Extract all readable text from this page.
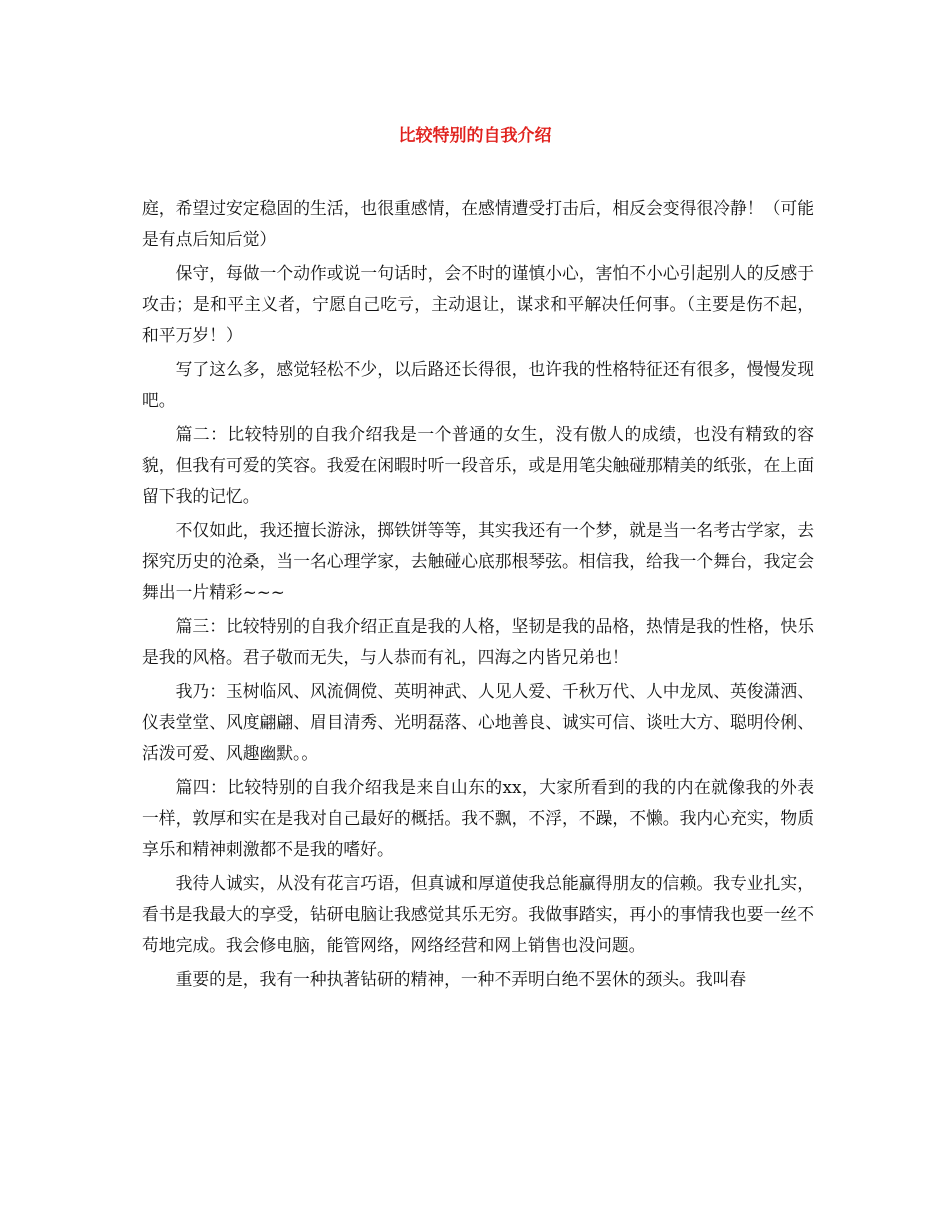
比较特别的自我介绍

庭，希望过安定稳固的生活，也很重感情，在感情遭受打击后，相反会变得很冷静！（可能是有点后知后觉）

保守，每做一个动作或说一句话时，会不时的谨慎小心，害怕不小心引起别人的反感于攻击；是和平主义者，宁愿自己吃亏，主动退让，谋求和平解决任何事。（主要是伤不起，和平万岁！）

写了这么多，感觉轻松不少，以后路还长得很，也许我的性格特征还有很多，慢慢发现吧。

篇二：比较特别的自我介绍我是一个普通的女生，没有傲人的成绩，也没有精致的容貌，但我有可爱的笑容。我爱在闲暇时听一段音乐，或是用笔尖触碰那精美的纸张，在上面留下我的记忆。

不仅如此，我还擅长游泳，掷铁饼等等，其实我还有一个梦，就是当一名考古学家，去探究历史的沧桑，当一名心理学家，去触碰心底那根琴弦。相信我，给我一个舞台，我定会舞出一片精彩~~~

篇三：比较特别的自我介绍正直是我的人格，坚韧是我的品格，热情是我的性格，快乐是我的风格。君子敬而无失，与人恭而有礼，四海之内皆兄弟也！

我乃：玉树临风、风流倜傥、英明神武、人见人爱、千秋万代、人中龙凤、英俊潇洒、仪表堂堂、风度翩翩、眉目清秀、光明磊落、心地善良、诚实可信、谈吐大方、聪明伶俐、活泼可爱、风趣幽默。。

篇四：比较特别的自我介绍我是来自山东的xx，大家所看到的我的内在就像我的外表一样，敦厚和实在是我对自己最好的概括。我不飘，不浮，不躁，不懒。我内心充实，物质享乐和精神刺激都不是我的嗜好。

我待人诚实，从没有花言巧语，但真诚和厚道使我总能赢得朋友的信赖。我专业扎实，看书是我最大的享受，钻研电脑让我感觉其乐无穷。我做事踏实，再小的事情我也要一丝不苟地完成。我会修电脑，能管网络，网络经营和网上销售也没问题。

重要的是，我有一种执著钻研的精神，一种不弄明白绝不罢休的颈头。我叫春
